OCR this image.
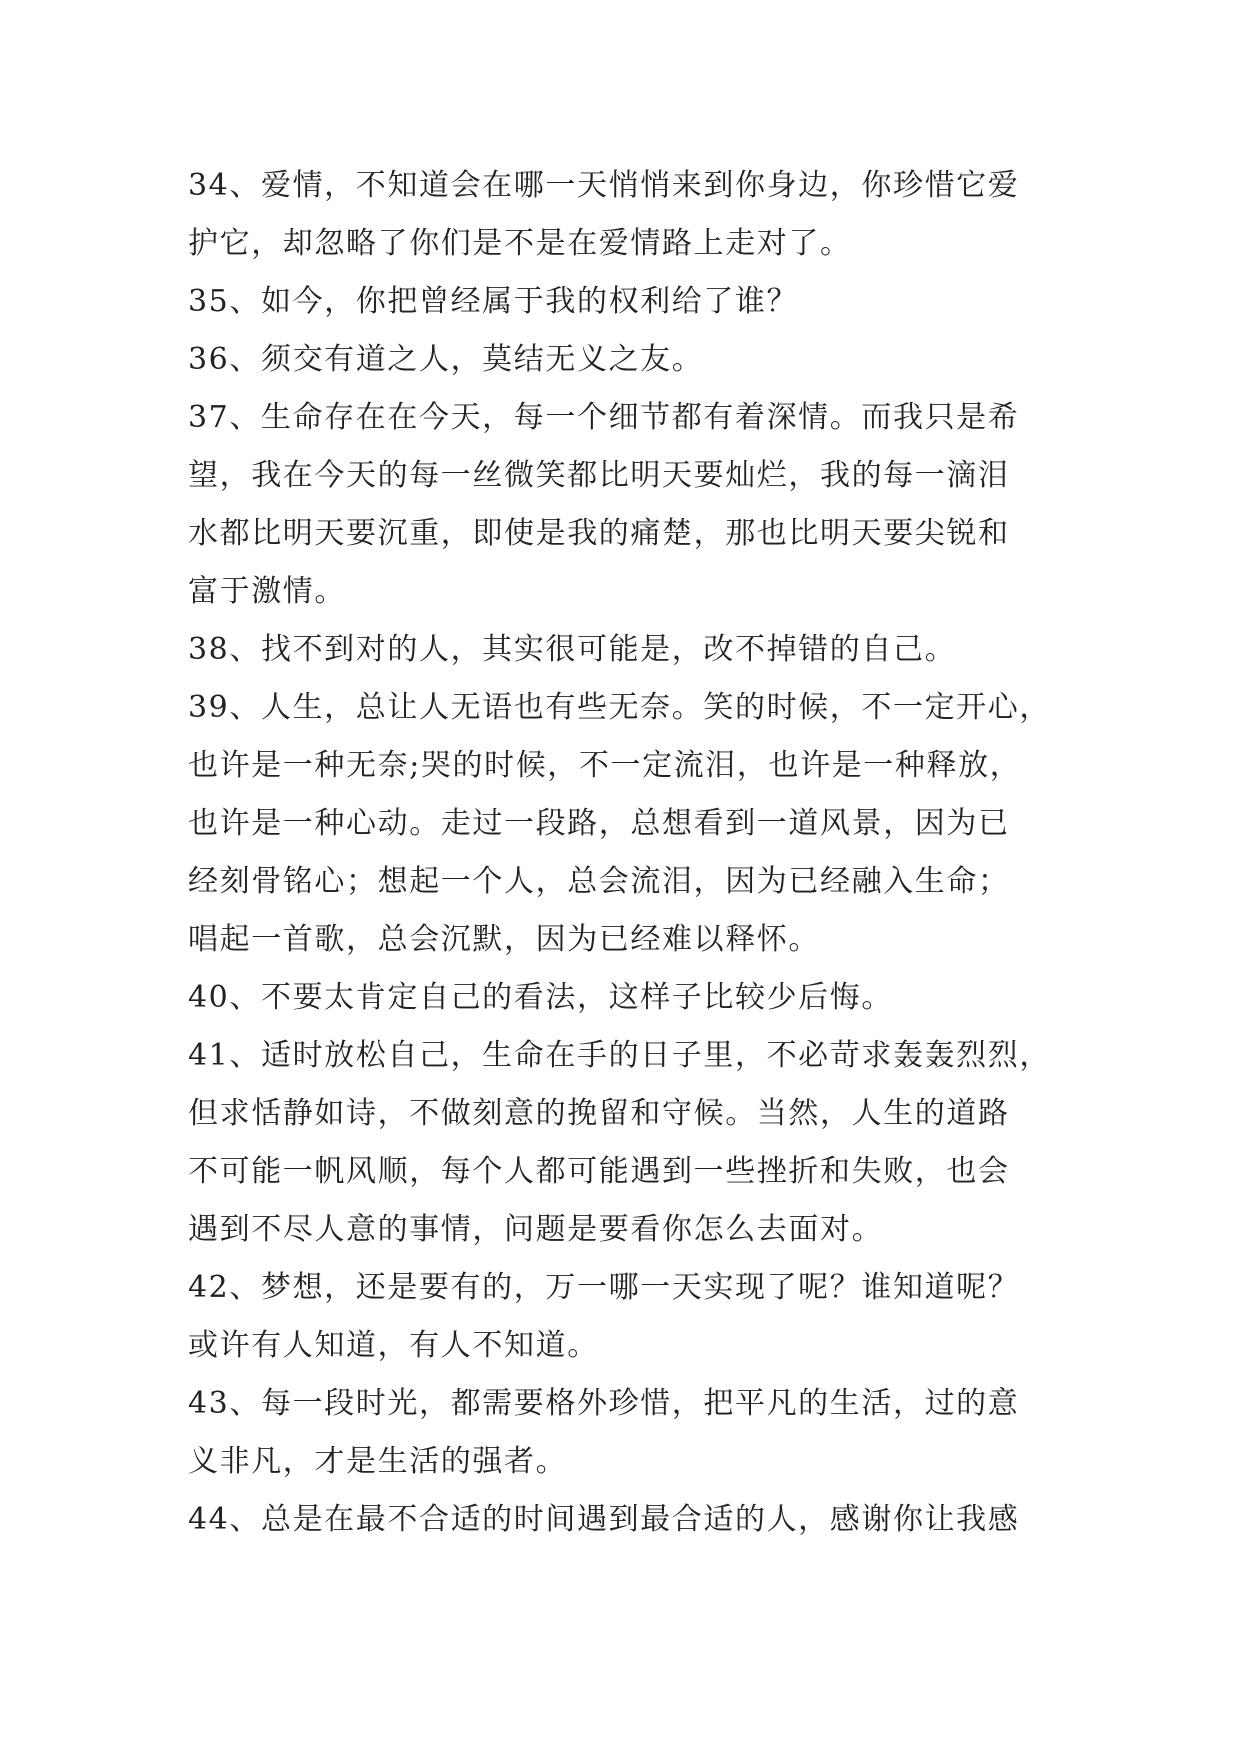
34、爱情，不知道会在哪一天悄悄来到你身边，你珍惜它爱
护它，却忽略了你们是不是在爱情路上走对了。
35、如今，你把曾经属于我的权利给了谁？
36、须交有道之人，莫结无义之友。
37、生命存在在今天，每一个细节都有着深情。而我只是希
望，我在今天的每一丝微笑都比明天要灿烂，我的每一滴泪
水都比明天要沉重，即使是我的痛楚，那也比明天要尖锐和
富于激情。
38、找不到对的人，其实很可能是，改不掉错的自己。
39、人生，总让人无语也有些无奈。笑的时候，不一定开心，
也许是一种无奈;哭的时候，不一定流泪，也许是一种释放，
也许是一种心动。走过一段路，总想看到一道风景，因为已
经刻骨铭心；想起一个人，总会流泪，因为已经融入生命；
唱起一首歌，总会沉默，因为已经难以释怀。
40、不要太肯定自己的看法，这样子比较少后悔。
41、适时放松自己，生命在手的日子里，不必苛求轰轰烈烈，
但求恬静如诗，不做刻意的挽留和守候。当然，人生的道路
不可能一帆风顺，每个人都可能遇到一些挫折和失败，也会
遇到不尽人意的事情，问题是要看你怎么去面对。
42、梦想，还是要有的，万一哪一天实现了呢？谁知道呢？
或许有人知道，有人不知道。
43、每一段时光，都需要格外珍惜，把平凡的生活，过的意
义非凡，才是生活的强者。
44、总是在最不合适的时间遇到最合适的人，感谢你让我感
